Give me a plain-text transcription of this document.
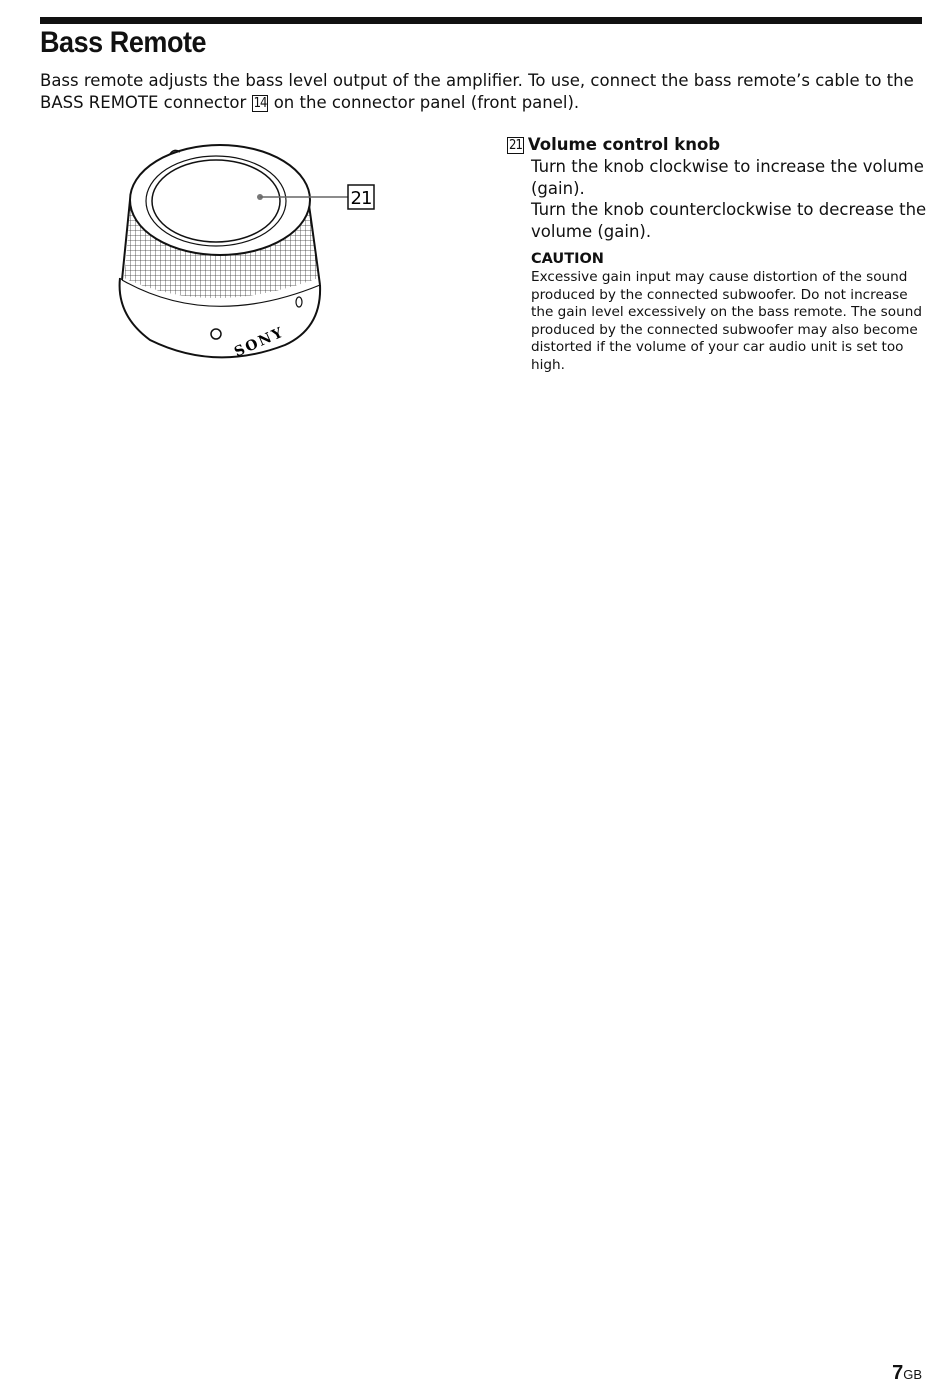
Bass Remote

Bass remote adjusts the bass level output of the amplifier. To use, connect the bass remote’s cable to the BASS REMOTE connector 14 on the connector panel (front panel).

SONY
21

21 Volume control knob

Turn the knob clockwise to increase the volume (gain).

Turn the knob counterclockwise to decrease the volume (gain).

CAUTION

Excessive gain input may cause distortion of the sound produced by the connected subwoofer. Do not increase the gain level excessively on the bass remote. The sound produced by the connected subwoofer may also become distorted if the volume of your car audio unit is set too high.

7GB
